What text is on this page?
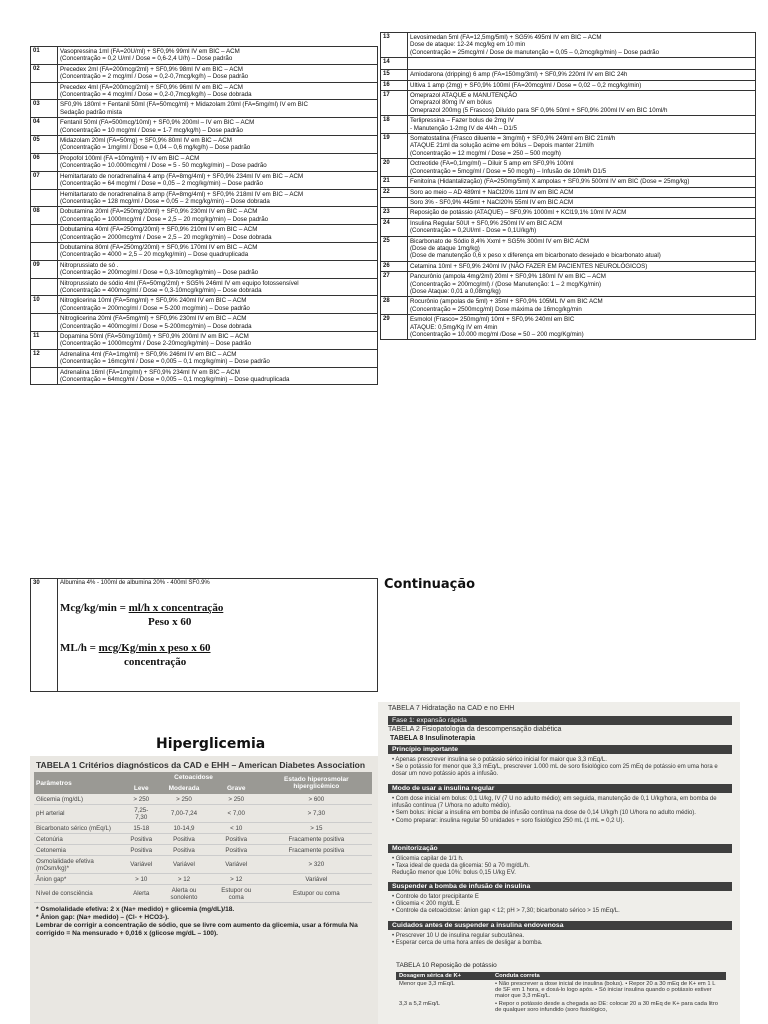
01	Vasopressina 1ml (FA=20U/ml) + SF0,9% 99ml IV em BIC – ACM
(Concentração = 0,2 U/ml / Dose = 0,6-2,4 U/h) – Dose padrão

02	Precedex 2ml (FA=200mcg/2ml) + SF0,9% 98ml IV em BIC – ACM
(Concentração = 2 mcg/ml / Dose = 0,2-0,7mcg/kg/h) – Dose padrão

	Precedex 4ml (FA=200mcg/2ml) + SF0,9% 96ml IV em BIC – ACM
(Concentração = 4 mcg/ml / Dose = 0,2-0,7mcg/kg/h) – Dose dobrada

03	SF0,9% 180ml + Fentanil 50ml (FA=50mcg/ml) + Midazolam 20ml (FA=5mg/ml) IV em BIC
Sedação padrão mista

04	Fentanil 50ml (FA=500mcg/10ml) + SF0,9% 200ml – IV em BIC – ACM
(Concentração = 10 mcg/ml / Dose = 1-7 mcg/kg/h) – Dose padrão

05	Midazolam 20ml (FA=50mg) + SF0,9% 80ml IV em BIC – ACM
(Concentração = 1mg/ml / Dose = 0,04 – 0,6 mg/kg/h) – Dose padrão

06	Propofol 100ml (FA =10mg/ml) + IV em BIC – ACM
(Concentração = 10.000mcg/ml / Dose = 5 - 50 mcg/kg/min) – Dose padrão

07	Hemitartarato de noradrenalina 4 amp (FA=8mg/4ml) + SF0,9% 234ml IV em BIC – ACM
(Concentração = 64 mcg/ml / Dose = 0,05 – 2 mcg/kg/min) – Dose padrão

	Hemitartarato de noradrenalina 8 amp (FA=8mg/4ml) + SF0,9% 218ml IV em BIC – ACM
(Concentração = 128 mcg/ml / Dose = 0,05 – 2 mcg/kg/min) – Dose dobrada

08	Dobutamina 20ml (FA=250mg/20ml) + SF0,9% 230ml IV em BIC – ACM
(Concentração = 1000mcg/ml / Dose = 2,5 – 20 mcg/kg/min) – Dose padrão

	Dobutamina 40ml (FA=250mg/20ml) + SF0,9% 210ml IV em BIC – ACM
(Concentração = 2000mcg/ml / Dose = 2,5 – 20 mcg/kg/min) – Dose dobrada

	Dobutamina 80ml (FA=250mg/20ml) + SF0,9% 170ml IV em BIC – ACM
(Concentração = 4000 = 2,5 – 20 mcg/kg/min) – Dose quadruplicada

09	Nitroprussiato de só .
(Concentração = 200mcg/ml / Dose = 0,3-10mcg/kg/min) – Dose padrão

	Nitroprussiato de sódio 4ml (FA=50mg/2ml) + SG5% 246ml IV em equipo fotossensível
(Concentração = 400mcg/ml / Dose = 0,3-10mcg/kg/min) – Dose dobrada

10	Nitroglicerina 10ml (FA=5mg/ml) + SF0,9% 240ml IV em BIC – ACM
(Concentração = 200mcg/ml / Dose = 5-200 mcg/min) – Dose padrão

	Nitroglicerina 20ml (FA=5mg/ml) + SF0,9% 230ml IV em BIC – ACM
(Concentração = 400mcg/ml / Dose = 5-200mcg/min) – Dose dobrada

11	Dopamina 50ml (FA=50mg/10ml) + SF0,9% 200ml IV em BIC – ACM
(Concentração = 1000mcg/ml / Dose 2-20mcg/kg/min) – Dose padrão

12	Adrenalina 4ml (FA=1mg/ml) + SF0,9% 246ml IV em BIC – ACM
(Concentração = 16mcg/ml / Dose = 0,005 – 0,1 mcg/kg/min) – Dose padrão

	Adrenalina 16ml (FA=1mg/ml) + SF0,9% 234ml IV em BIC – ACM
(Concentração = 64mcg/ml / Dose = 0,005 – 0,1 mcg/kg/min) – Dose quadruplicada
13	Levosimedan 5ml (FA=12,5mg/5ml) + SG5% 495ml IV em BIC – ACM
Dose de ataque: 12-24 mcg/kg em 10 min
(Concentração = 25mcg/ml / Dose de manutenção = 0,05 – 0,2mcg/kg/min) – Dose padrão

14	

15	Amiodarona (dripping) 6 amp (FA=150mg/3ml) + SF0,9% 220ml IV em BIC 24h

16	Ultiva 1 amp (2mg) + SF0,9% 100ml (FA=20mcg/ml / Dose = 0,02 – 0,2 mcg/kg/min)

17	Omeprazol ATAQUE e MANUTENÇÃO
Omeprazol 80mg IV em bólus
Omeprazol 200mg (5 Frascos) Diluído para SF 0,9% 50ml + SF0,9% 200ml IV em BIC 10ml/h

18	Terlipressina – Fazer bolus de 2mg IV
- Manutenção 1-2mg IV de 4/4h – D1/5

19	Somatostatina (Frasco diluente = 3mg/ml) + SF0,9% 249ml em BIC 21ml/h
ATAQUE 21ml da solução acime em bólus – Depois manter 21ml/h
(Concentração = 12 mcg/ml / Dose = 250 – 500 mcg/h)

20	Octreotide (FA=0,1mg/ml) – Diluir 5 amp em SF0,9% 100ml
(Concentração = 5mcg/ml / Dose = 50 mcg/h) – Infusão de 10ml/h D1/5

21	Fenitoína (Hidantalização) (FA=250mg/5ml) X ampolas + SF0,9% 500ml IV em BIC (Dose = 25mg/kg)

22	Soro ao meio – AD 489ml + NaCl20% 11ml IV em BIC ACM

	Soro 3% - SF0,9% 445ml + NaCl20% 55ml IV em BIC ACM

23	Reposição de potássio (ATAQUE) – SF0,9% 1000ml + KCl19,1% 10ml IV ACM

24	Insulina Regular 50UI + SF0,9% 250ml IV em BIC ACM
(Concentração = 0,2UI/ml - Dose = 0,1U/kg/h)

25	Bicarbonato de Sódio 8,4% Xxml + SG5% 300ml IV em BIC ACM
(Dose de ataque 1mg/kg)
(Dose de manutenção 0,6 x peso x diferença em bicarbonato desejado e bicarbonato atual)

26	Cetamina 10ml + SF0,9% 240ml IV (NÃO FAZER EM PACIENTES NEUROLÓGICOS)

27	Pancurônio (ampola 4mg/2ml) 20ml + SF0,9% 180ml IV em BIC – ACM
(Concentração = 200mcg/ml) / (Dose Manutenção: 1 – 2 mcg/Kg/min)
(Dose Ataque: 0,01 a 0,08mg/kg)

28	Rocurônio (ampolas de 5ml) + 35ml + SF0,9% 105ML IV em BIC ACM
(Concentração = 2500mcg/ml) Dose máxima de 16mcg/kg/min

29	Esmolol (Frasco= 250mg/ml) 10ml + SF0,9% 240ml em BIC
ATAQUE: 0,5mg/Kg IV em 4min
(Concentração = 10.000 mcg/ml /Dose = 50 – 200 mcg/Kg/min)
30	Albumina 4% - 100ml de albumina 20% - 400ml SF0.9%
Mcg/kg/min = ml/h x concentração
Peso x 60
ML/h = mcg/Kg/min x peso x 60
concentração
Continuação
Hiperglicemia
TABELA 1 Critérios diagnósticos da CAD e EHH – American Diabetes Association
Parâmetros	Cetoacidose			Estado hiperosmolar hiperglicêmico
	Leve	Moderada	Grave	
Glicemia (mg/dL)	> 250	> 250	> 250	> 600
pH arterial	7,25-7,30	7,00-7,24	< 7,00	> 7,30
Bicarbonato sérico (mEq/L)	15-18	10-14,9	< 10	> 15
Cetonúria	Positiva	Positiva	Positiva	Fracamente positiva
Cetonemia	Positiva	Positiva	Positiva	Fracamente positiva
Osmolalidade efetiva (mOsm/kg)*	Variável	Variável	Variável	> 320
Ânion gap*	> 10	> 12	> 12	Variável
Nível de consciência	Alerta	Alerta ou sonolento	Estupor ou coma	Estupor ou coma
* Osmolalidade efetiva: 2 x (Na+ medido) + glicemia (mg/dL)/18.
* Ânion gap: (Na+ medido) – (Cl- + HCO3-).
Lembrar de corrigir a concentração de sódio, que se livre com aumento da glicemia, usar a fórmula Na corrigido = Na mensurado + 0,016 x (glicose mg/dL – 100).
TABELA 7 Hidratação na CAD e no EHH
Fase 1: expansão rápida
TABELA 2 Fisiopatologia da descompensação diabética
TABELA 8 Insulinoterapia
Princípio importante
• Apenas prescrever insulina se o potássio sérico inicial for maior que 3,3 mEq/L.
• Se o potássio for menor que 3,3 mEq/L, prescrever 1.000 mL de soro fisiológico com 25 mEq de potássio em uma hora e dosar um novo potássio após a infusão.
Modo de usar a insulina regular
• Com dose inicial em bolus: 0,1 U/kg, IV (7 U no adulto médio); em seguida, manutenção de 0,1 U/kg/hora, em bomba de infusão contínua (7 U/hora no adulto médio).
• Sem bolus: iniciar a insulina em bomba de infusão contínua na dose de 0,14 U/kg/h (10 U/hora no adulto médio).
• Como preparar: insulina regular 50 unidades + soro fisiológico 250 mL (1 mL = 0,2 U).
Monitorização
• Glicemia capilar de 1/1 h.
• Taxa ideal de queda da glicemia: 50 a 70 mg/dL/h.
Redução menor que 10%: bolus 0,15 U/kg EV.
Suspender a bomba de infusão de insulina
• Controle do fator precipitante E
• Glicemia < 200 mg/dL E
• Controle da cetoacidose: ânion gap < 12; pH > 7,30; bicarbonato sérico > 15 mEq/L.
Cuidados antes de suspender a insulina endovenosa
• Prescrever 10 U de insulina regular subcutânea.
• Esperar cerca de uma hora antes de desligar a bomba.
TABELA 10 Reposição de potássio
Dosagem sérica de K+	Conduta correta
Menor que 3,3 mEq/L	• Não prescrever a dose inicial de insulina (bolus). • Repor 20 a 30 mEq de K+ em 1 L de SF em 1 hora, e dosá-lo logo após. • Só iniciar insulina quando o potássio estiver maior que 3,3 mEq/L.
3,3 a 5,2 mEq/L	• Repor o potássio desde a chegada ao DE: colocar 20 a 30 mEq de K+ para cada litro de qualquer soro infundido (soro fisiológico,
